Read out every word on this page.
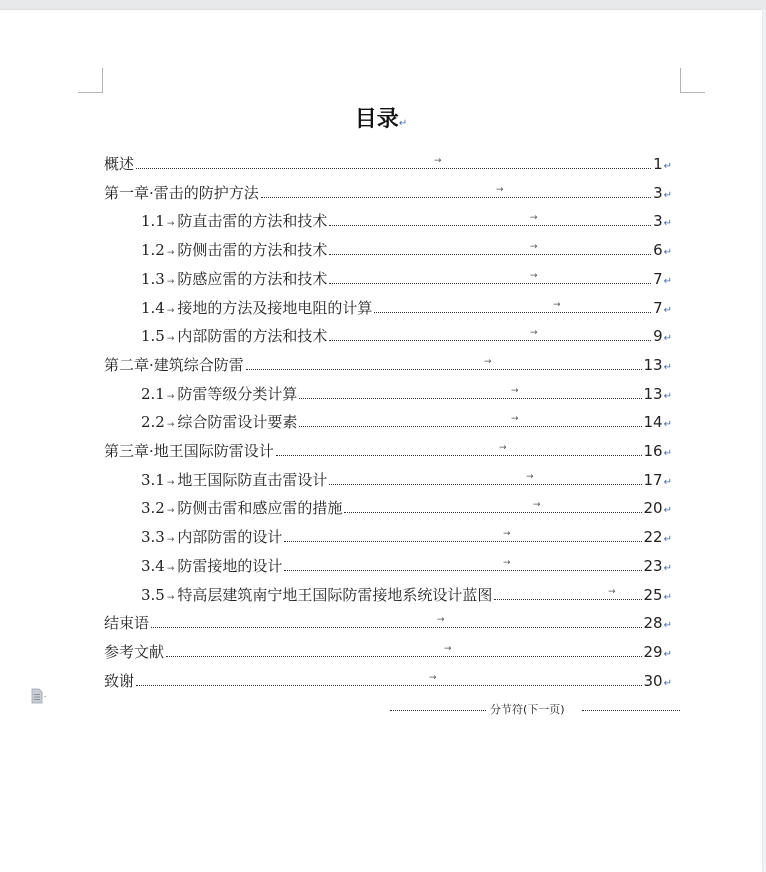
目录↵
概述	1↵
→
第一章·雷击的防护方法	3↵
→
1.1 → 防直击雷的方法和技术	3↵
→
1.2 → 防侧击雷的方法和技术	6↵
→
1.3 → 防感应雷的方法和技术	7↵
→
1.4 → 接地的方法及接地电阻的计算	7↵
→
1.5 → 内部防雷的方法和技术	9↵
→
第二章·建筑综合防雷	13↵
→
2.1 → 防雷等级分类计算	13↵
→
2.2 → 综合防雷设计要素	14↵
→
第三章·地王国际防雷设计	16↵
→
3.1 → 地王国际防直击雷设计	17↵
→
3.2 → 防侧击雷和感应雷的措施	20↵
→
3.3 → 内部防雷的设计	22↵
→
3.4 → 防雷接地的设计	23↵
→
3.5 → 特高层建筑南宁地王国际防雷接地系统设计蓝图	25↵
→
结束语	28↵
→
参考文献	29↵
→
致谢	30↵
→
分节符(下一页)
